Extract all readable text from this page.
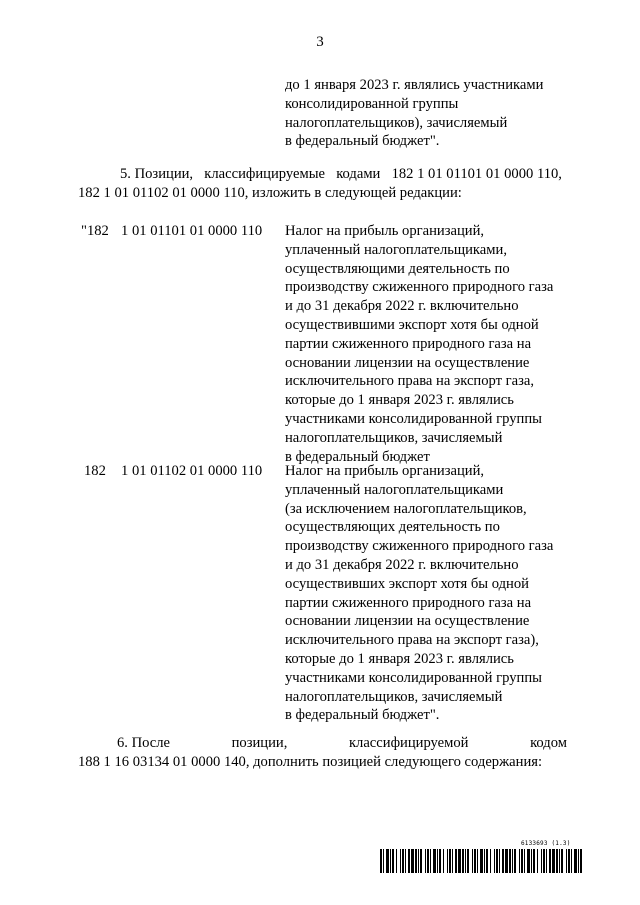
3
до 1 января 2023 г. являлись участниками
консолидированной группы
налогоплательщиков), зачисляемый
в федеральный бюджет".
5. Позиции, классифицируемые кодами 182 1 01 01101 01 0000 110,
182 1 01 01102 01 0000 110, изложить в следующей редакции:
"182 1 01 01101 01 0000 110 Налог на прибыль организаций,
уплаченный налогоплательщиками,
осуществляющими деятельность по
производству сжиженного природного газа
и до 31 декабря 2022 г. включительно
осуществившими экспорт хотя бы одной
партии сжиженного природного газа на
основании лицензии на осуществление
исключительного права на экспорт газа,
которые до 1 января 2023 г. являлись
участниками консолидированной группы
налогоплательщиков, зачисляемый
в федеральный бюджет
182 1 01 01102 01 0000 110 Налог на прибыль организаций,
уплаченный налогоплательщиками
(за исключением налогоплательщиков,
осуществляющих деятельность по
производству сжиженного природного газа
и до 31 декабря 2022 г. включительно
осуществивших экспорт хотя бы одной
партии сжиженного природного газа на
основании лицензии на осуществление
исключительного права на экспорт газа),
которые до 1 января 2023 г. являлись
участниками консолидированной группы
налогоплательщиков, зачисляемый
в федеральный бюджет".
6. После	позиции,	классифицируемой	кодом
188 1 16 03134 01 0000 140, дополнить позицией следующего содержания:
6133693 (1.3)
